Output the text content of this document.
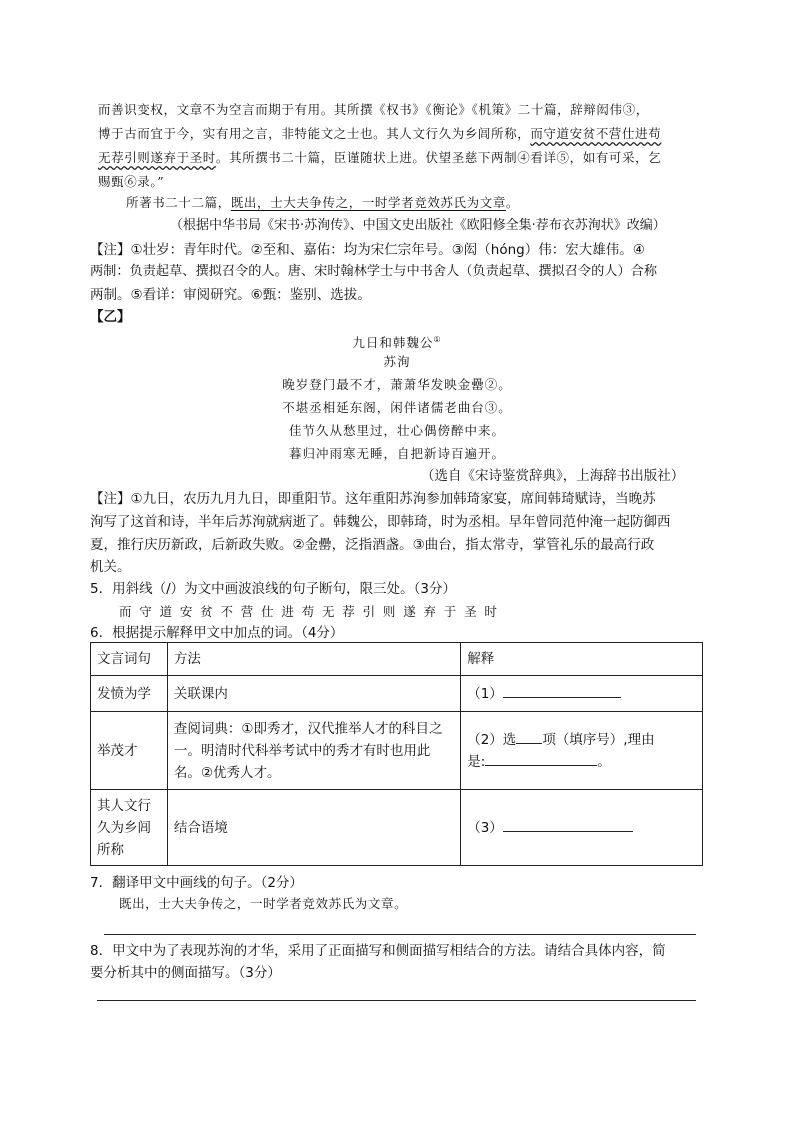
而善识变权，文章不为空言而期于有用。其所撰《权书》《衡论》《机策》二十篇，辞辩闳伟③，
博于古而宜于今，实有用之言，非特能文之士也。其人文行久为乡闾所称，而守道安贫不营仕进苟
无荐引则遂弃于圣时。其所撰书二十篇，臣谨随状上进。伏望圣慈下两制④看详⑤，如有可采，乞
赐甄⑥录。”
所著书二十二篇，既出，士大夫争传之，一时学者竞效苏氏为文章。
（根据中华书局《宋书·苏洵传》、中国文史出版社《欧阳修全集·荐布衣苏洵状》改编）
【注】①壮岁：青年时代。②至和、嘉佑：均为宋仁宗年号。③闳（hóng）伟：宏大雄伟。④
两制：负责起草、撰拟召令的人。唐、宋时翰林学士与中书舍人（负责起草、撰拟召令的人）合称
两制。⑤看详：审阅研究。⑥甄：鉴别、选拔。
【乙】
九日和韩魏公①
苏洵
晚岁登门最不才，萧萧华发映金罍②。
不堪丞相延东阁，闲伴诸儒老曲台③。
佳节久从愁里过，壮心偶傍醉中来。
暮归冲雨寒无睡，自把新诗百遍开。
（选自《宋诗鉴赏辞典》，上海辞书出版社）
【注】①九日，农历九月九日，即重阳节。这年重阳苏洵参加韩琦家宴，席间韩琦赋诗，当晚苏
洵写了这首和诗，半年后苏洵就病逝了。韩魏公，即韩琦，时为丞相。早年曾同范仲淹一起防御西
夏，推行庆历新政，后新政失败。②金罍，泛指酒盏。③曲台，指太常寺，掌管礼乐的最高行政
机关。
5．用斜线（/）为文中画波浪线的句子断句，限三处。（3分）
而守道安贫不营仕进苟无荐引则遂弃于圣时
6．根据提示解释甲文中加点的词。（4分）
文言词句	方法	解释
发愤为学	关联课内	（1）
举茂才	查阅词典：①即秀才，汉代推举人才的科目之一。明清时代科举考试中的秀才有时也用此名。②优秀人才。	（2）选 项（填序号）,理由
是: 。
其人文行久为乡闾所称	结合语境	（3）
7．翻译甲文中画线的句子。（2分）
既出，士大夫争传之，一时学者竞效苏氏为文章。
8．甲文中为了表现苏洵的才华，采用了正面描写和侧面描写相结合的方法。请结合具体内容，简
要分析其中的侧面描写。（3分）
